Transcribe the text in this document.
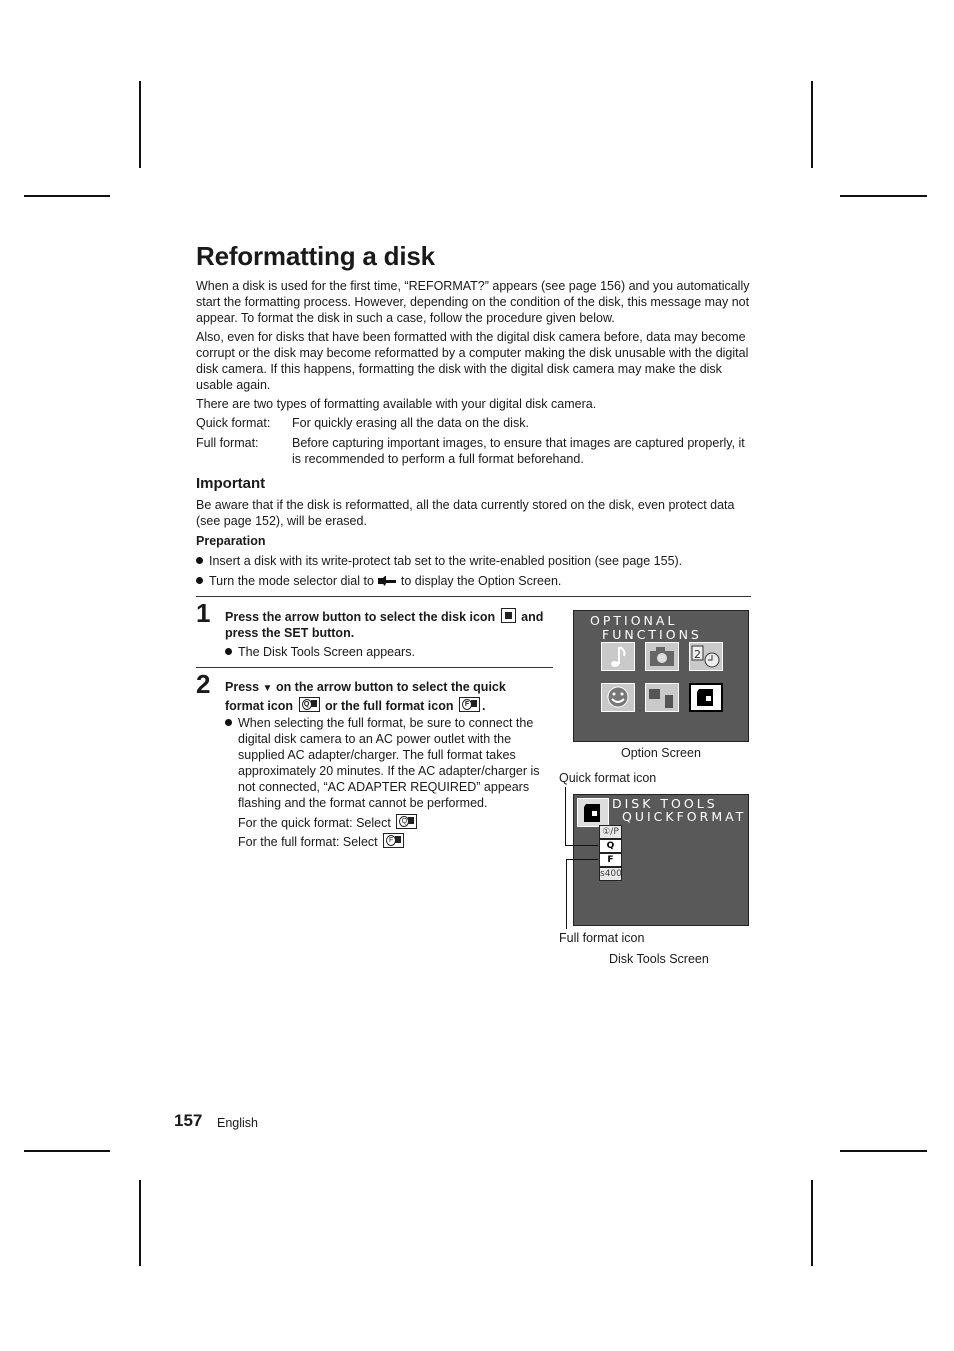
Reformatting a disk

When a disk is used for the first time, “REFORMAT?” appears (see page 156) and you automatically start the formatting process. However, depending on the condition of the disk, this message may not appear. To format the disk in such a case, follow the procedure given below.

Also, even for disks that have been formatted with the digital disk camera before, data may become corrupt or the disk may become reformatted by a computer making the disk unusable with the digital disk camera. If this happens, formatting the disk with the digital disk camera may make the disk usable again.

There are two types of formatting available with your digital disk camera.

Quick format: For quickly erasing all the data on the disk.
Full format:	Before capturing important images, to ensure that images are captured properly, it is recommended to perform a full format beforehand.
Important

Be aware that if the disk is reformatted, all the data currently stored on the disk, even protect data (see page 152), will be erased.

Preparation
Insert a disk with its write-protect tab set to the write-enabled position (see page 155).
Turn the mode selector dial to to display the Option Screen.
1 Press the arrow button to select the disk icon and
press the SET button.
The Disk Tools Screen appears.
2 Press ▼ on the arrow button to select the quick
format icon	Q or the full format icon	F .
When selecting the full format, be sure to connect the digital disk camera to an AC power outlet with the supplied AC adapter/charger. The full format takes approximately 20 minutes. If the AC adapter/charger is not connected, “AC ADAPTER REQUIRED” appears flashing and the format cannot be performed.
For the quick format: Select	Q
For the full format: Select	F
OPTIONAL
FUNCTIONS
2
Option Screen
Quick format icon
DISK TOOLS
QUICKFORMAT
①/P
Q
F
s400
Full format icon
Disk Tools Screen
157 English
